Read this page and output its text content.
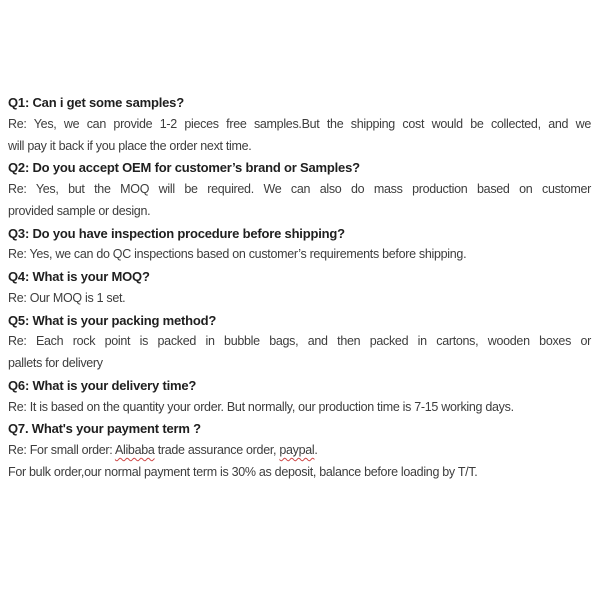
Q1: Can i get some samples?
Re: Yes, we can provide 1-2 pieces free samples.But the shipping cost would be collected, and we
will pay it back if you place the order next time.
Q2: Do you accept OEM for customer’s brand or Samples?
Re: Yes, but the MOQ will be required. We can also do mass production based on customer
provided sample or design.
Q3: Do you have inspection procedure before shipping?
Re: Yes, we can do QC inspections based on customer’s requirements before shipping.
Q4: What is your MOQ?
Re: Our MOQ is 1 set.
Q5: What is your packing method?
Re: Each rock point is packed in bubble bags, and then packed in cartons, wooden boxes or
pallets for delivery
Q6: What is your delivery time?
Re: It is based on the quantity your order. But normally, our production time is 7-15 working days.
Q7. What's your payment term ?
Re: For small order: Alibaba trade assurance order, paypal.
For bulk order,our normal payment term is 30% as deposit, balance before loading by T/T.
